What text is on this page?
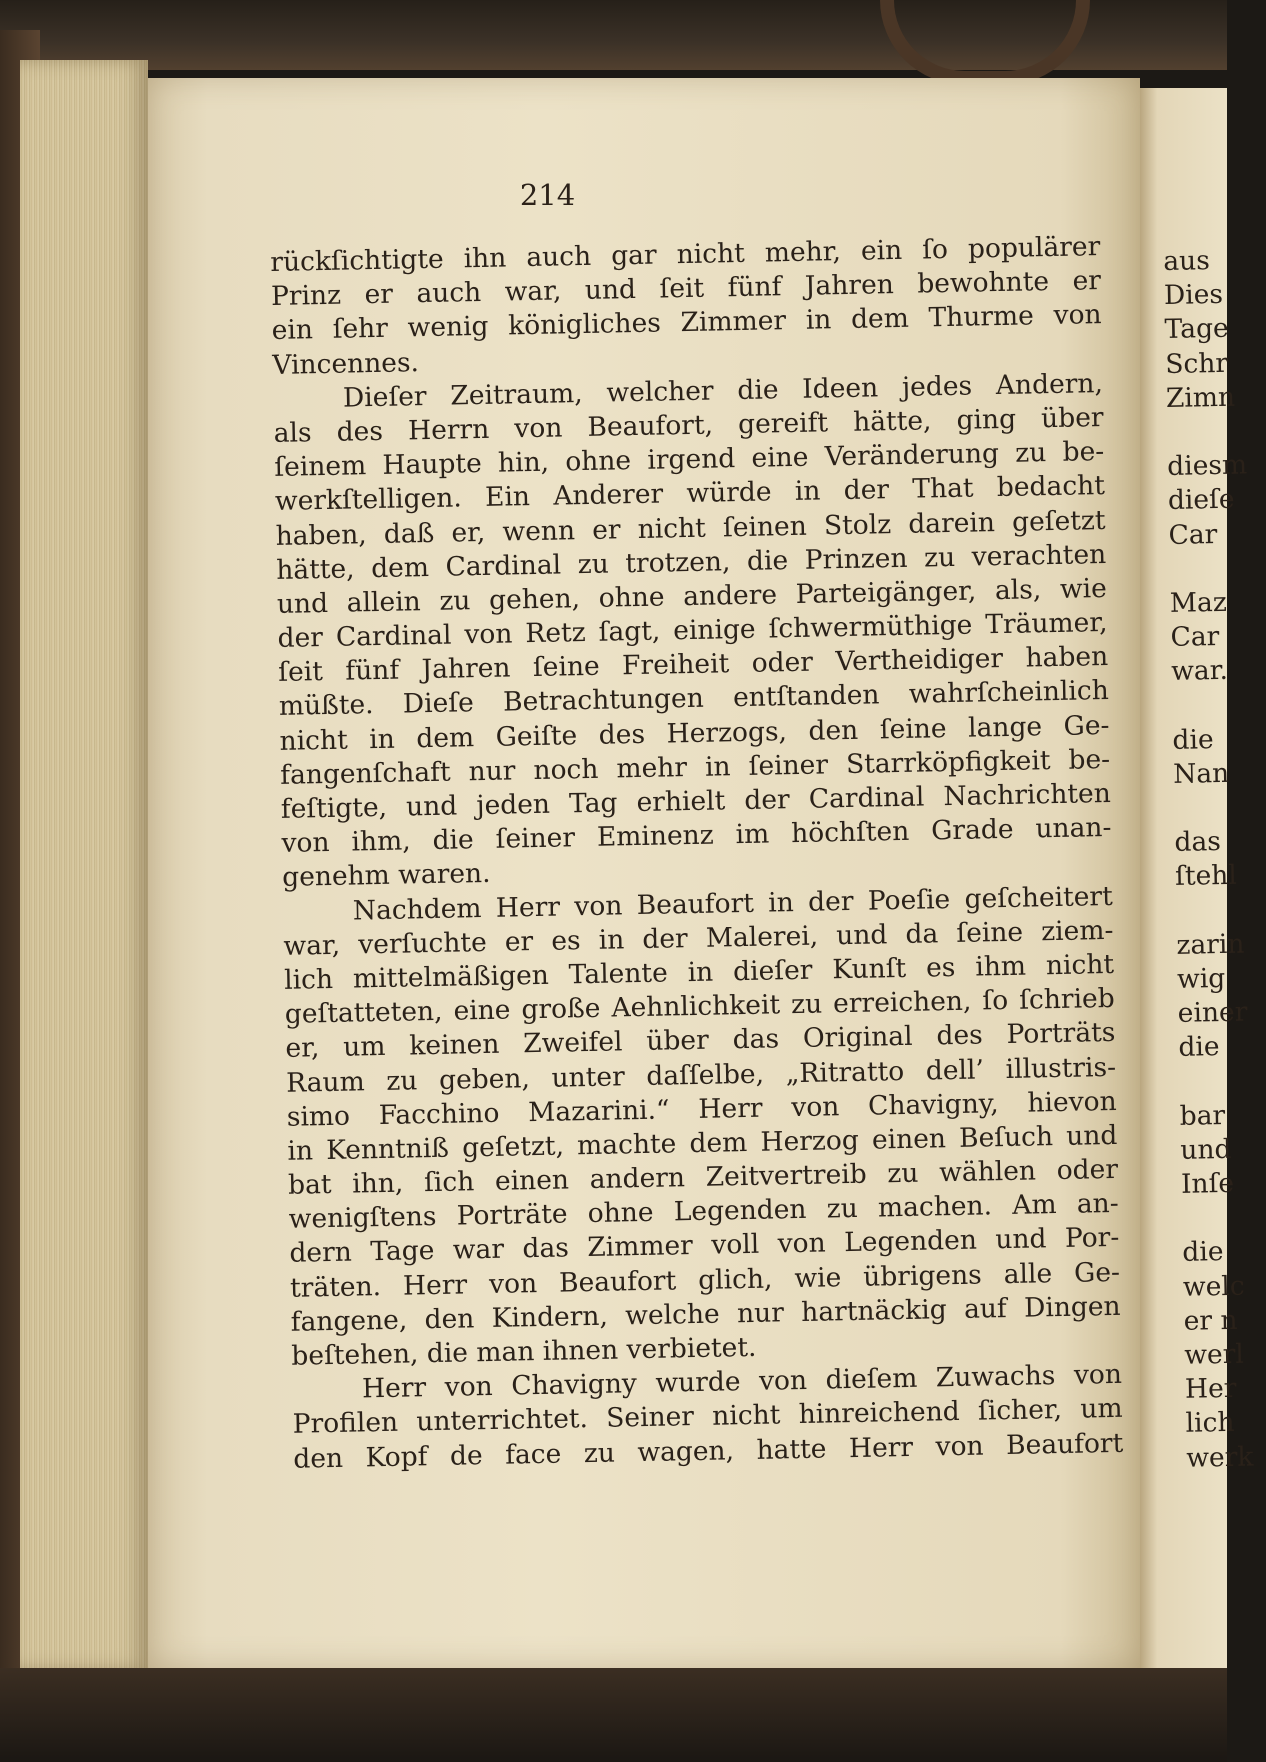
214
rückſichtigte ihn auch gar nicht mehr, ein ſo populärer
Prinz er auch war, und ſeit fünf Jahren bewohnte er
ein ſehr wenig königliches Zimmer in dem Thurme von
Vincennes.
Dieſer Zeitraum, welcher die Ideen jedes Andern,
als des Herrn von Beaufort, gereift hätte, ging über
ſeinem Haupte hin, ohne irgend eine Veränderung zu be-
werkſtelligen. Ein Anderer würde in der That bedacht
haben, daß er, wenn er nicht ſeinen Stolz darein geſetzt
hätte, dem Cardinal zu trotzen, die Prinzen zu verachten
und allein zu gehen, ohne andere Parteigänger, als, wie
der Cardinal von Retz ſagt, einige ſchwermüthige Träumer,
ſeit fünf Jahren ſeine Freiheit oder Vertheidiger haben
müßte. Dieſe Betrachtungen entſtanden wahrſcheinlich
nicht in dem Geiſte des Herzogs, den ſeine lange Ge-
fangenſchaft nur noch mehr in ſeiner Starrköpfigkeit be-
feſtigte, und jeden Tag erhielt der Cardinal Nachrichten
von ihm, die ſeiner Eminenz im höchſten Grade unan-
genehm waren.
Nachdem Herr von Beaufort in der Poeſie geſcheitert
war, verſuchte er es in der Malerei, und da ſeine ziem-
lich mittelmäßigen Talente in dieſer Kunſt es ihm nicht
geſtatteten, eine große Aehnlichkeit zu erreichen, ſo ſchrieb
er, um keinen Zweifel über das Original des Porträts
Raum zu geben, unter daſſelbe, „Ritratto dell’ illustris-
simo Facchino Mazarini.“ Herr von Chavigny, hievon
in Kenntniß geſetzt, machte dem Herzog einen Beſuch und
bat ihn, ſich einen andern Zeitvertreib zu wählen oder
wenigſtens Porträte ohne Legenden zu machen. Am an-
dern Tage war das Zimmer voll von Legenden und Por-
träten. Herr von Beaufort glich, wie übrigens alle Ge-
fangene, den Kindern, welche nur hartnäckig auf Dingen
beſtehen, die man ihnen verbietet.
Herr von Chavigny wurde von dieſem Zuwachs von
Profilen unterrichtet. Seiner nicht hinreichend ſicher, um
den Kopf de face zu wagen, hatte Herr von Beaufort
aus
Dies
Tage
Schr
Zimn
diesm
dieſe
Car
Maz
Car
war.
die
Nan
das
ſtehl
zarin
wig
einer
die
bar
und
Inſe
die
welc
er n
werl
Her
lich
werk
